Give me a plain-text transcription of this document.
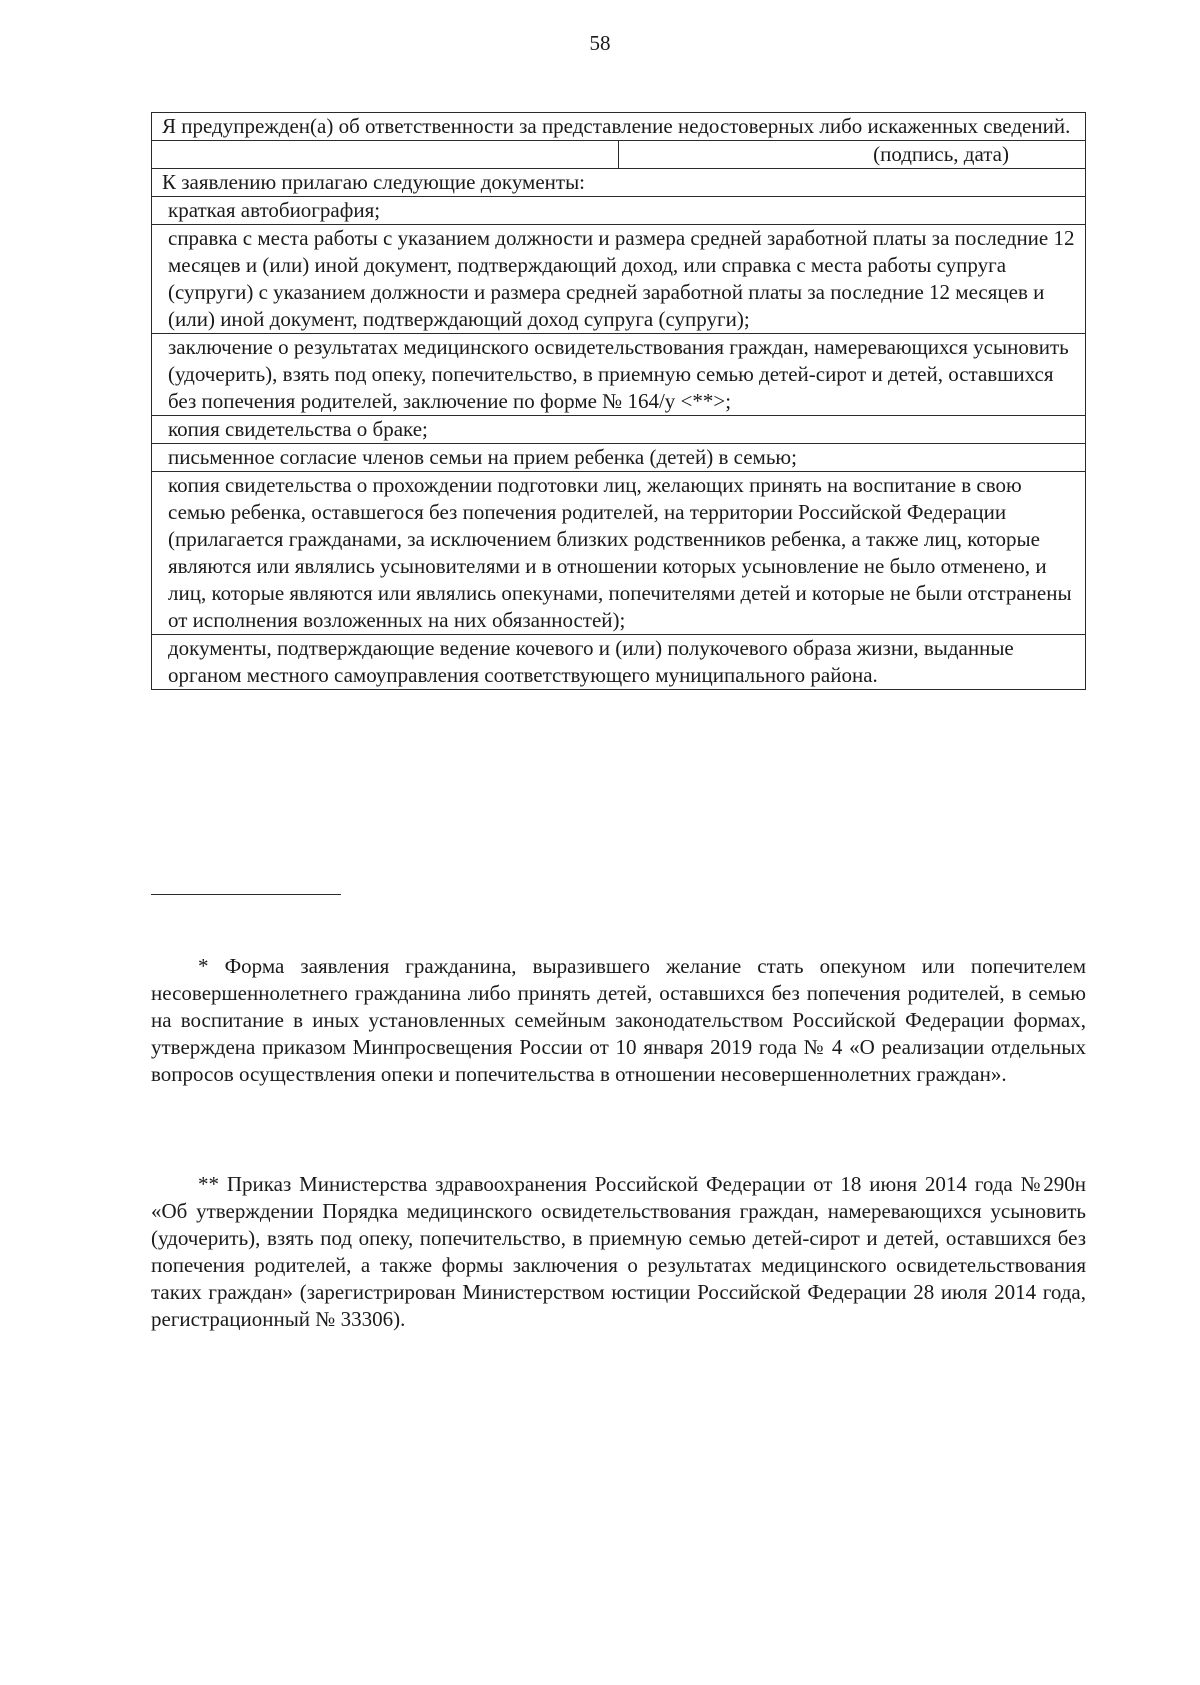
58
Я предупрежден(а) об ответственности за представление недостоверных либо искаженных сведений.
	(подпись, дата)
К заявлению прилагаю следующие документы:
краткая автобиография;
справка с места работы с указанием должности и размера средней заработной платы за последние 12 месяцев и (или) иной документ, подтверждающий доход, или справка с места работы супруга (супруги) с указанием должности и размера средней заработной платы за последние 12 месяцев и (или) иной документ, подтверждающий доход супруга (супруги);
заключение о результатах медицинского освидетельствования граждан, намеревающихся усыновить (удочерить), взять под опеку, попечительство, в приемную семью детей-сирот и детей, оставшихся без попечения родителей, заключение по форме № 164/у <**>;
копия свидетельства о браке;
письменное согласие членов семьи на прием ребенка (детей) в семью;
копия свидетельства о прохождении подготовки лиц, желающих принять на воспитание в свою семью ребенка, оставшегося без попечения родителей, на территории Российской Федерации (прилагается гражданами, за исключением близких родственников ребенка, а также лиц, которые являются или являлись усыновителями и в отношении которых усыновление не было отменено, и лиц, которые являются или являлись опекунами, попечителями детей и которые не были отстранены от исполнения возложенных на них обязанностей);
документы, подтверждающие ведение кочевого и (или) полукочевого образа жизни, выданные органом местного самоуправления соответствующего муниципального района.

* Форма заявления гражданина, выразившего желание стать опекуном или попечителем несовершеннолетнего гражданина либо принять детей, оставшихся без попечения родителей, в семью на воспитание в иных установленных семейным законодательством Российской Федерации формах, утверждена приказом Минпросвещения России от 10 января 2019 года № 4 «О реализации отдельных вопросов осуществления опеки и попечительства в отношении несовершеннолетних граждан».

** Приказ Министерства здравоохранения Российской Федерации от 18 июня 2014 года №290н «Об утверждении Порядка медицинского освидетельствования граждан, намеревающихся усыновить (удочерить), взять под опеку, попечительство, в приемную семью детей-сирот и детей, оставшихся без попечения родителей, а также формы заключения о результатах медицинского освидетельствования таких граждан» (зарегистрирован Министерством юстиции Российской Федерации 28 июля 2014 года, регистрационный № 33306).
